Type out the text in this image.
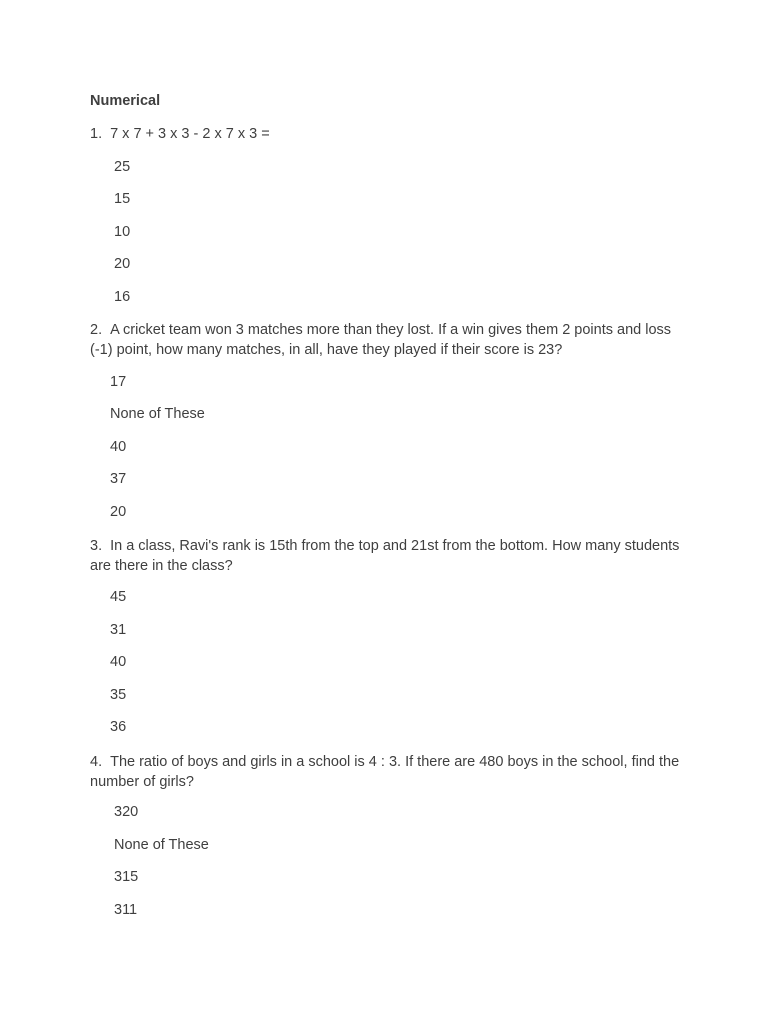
Numerical
1. 7 x 7 + 3 x 3 - 2 x 7 x 3 =
25
15
10
20
16
2. A cricket team won 3 matches more than they lost. If a win gives them 2 points and loss (-1) point, how many matches, in all, have they played if their score is 23?
17
None of These
40
37
20
3. In a class, Ravi's rank is 15th from the top and 21st from the bottom. How many students are there in the class?
45
31
40
35
36
4. The ratio of boys and girls in a school is 4 : 3. If there are 480 boys in the school, find the number of girls?
320
None of These
315
311
